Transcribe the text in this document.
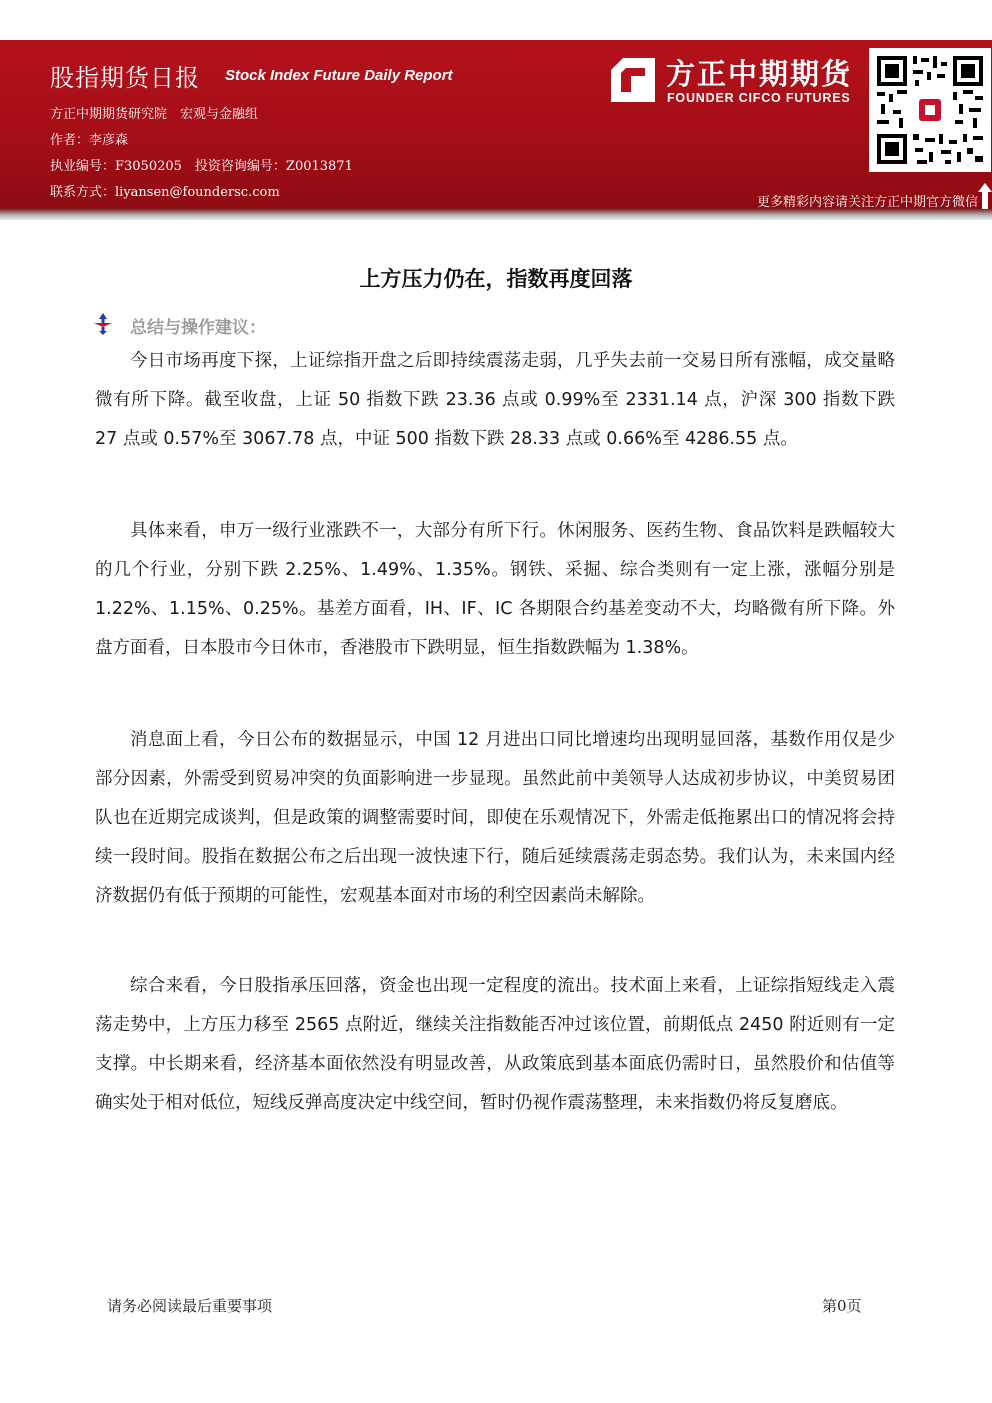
股指期货日报 Stock Index Future Daily Report
方正中期期货研究院　宏观与金融组
作者：李彦森
执业编号：F3050205　投资咨询编号：Z0013871
联系方式：liyansen@foundersc.com
方正中期期货
FOUNDER CIFCO FUTURES
更多精彩内容请关注方正中期官方微信
上方压力仍在，指数再度回落
总结与操作建议：

今日市场再度下探，上证综指开盘之后即持续震荡走弱，几乎失去前一交易日所有涨幅，成交量略微有所下降。截至收盘，上证 50 指数下跌 23.36 点或 0.99%至 2331.14 点，沪深 300 指数下跌 27 点或 0.57%至 3067.78 点，中证 500 指数下跌 28.33 点或 0.66%至 4286.55 点。

具体来看，申万一级行业涨跌不一，大部分有所下行。休闲服务、医药生物、食品饮料是跌幅较大的几个行业，分别下跌 2.25%、1.49%、1.35%。钢铁、采掘、综合类则有一定上涨，涨幅分别是 1.22%、1.15%、0.25%。基差方面看，IH、IF、IC 各期限合约基差变动不大，均略微有所下降。外盘方面看，日本股市今日休市，香港股市下跌明显，恒生指数跌幅为 1.38%。

消息面上看，今日公布的数据显示，中国 12 月进出口同比增速均出现明显回落，基数作用仅是少部分因素，外需受到贸易冲突的负面影响进一步显现。虽然此前中美领导人达成初步协议，中美贸易团队也在近期完成谈判，但是政策的调整需要时间，即使在乐观情况下，外需走低拖累出口的情况将会持续一段时间。股指在数据公布之后出现一波快速下行，随后延续震荡走弱态势。我们认为，未来国内经济数据仍有低于预期的可能性，宏观基本面对市场的利空因素尚未解除。

综合来看，今日股指承压回落，资金也出现一定程度的流出。技术面上来看，上证综指短线走入震荡走势中，上方压力移至 2565 点附近，继续关注指数能否冲过该位置，前期低点 2450 附近则有一定支撑。中长期来看，经济基本面依然没有明显改善，从政策底到基本面底仍需时日，虽然股价和估值等确实处于相对低位，短线反弹高度决定中线空间，暂时仍视作震荡整理，未来指数仍将反复磨底。

请务必阅读最后重要事项	第0页
